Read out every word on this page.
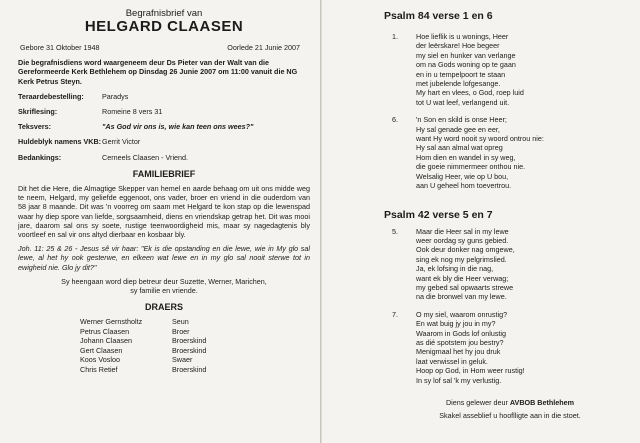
Begrafnisbrief van
HELGARD CLAASEN
Gebore 31 Oktober 1948	Oorlede 21 Junie 2007
Die begrafnisdiens word waargeneem deur Ds Pieter van der Walt van die Gereformeerde Kerk Bethlehem op Dinsdag 26 Junie 2007 om 11:00 vanuit die NG Kerk Petrus Steyn.
Teraardebestelling:	Paradys
Skriflesing:	Romeine 8 vers 31
Teksvers:	"As God vir ons is, wie kan teen ons wees?"
Huldeblyk namens VKB: Gerrit Victor
Bedankings:	Cerneels Claasen - Vriend.
FAMILIEBRIEF
Dit het die Here, die Almagtige Skepper van hemel en aarde behaag om uit ons midde weg te neem, Helgard, my geliefde eggenoot, ons vader, broer en vriend in die ouderdom van 58 jaar 8 maande. Dit was 'n voorreg om saam met Helgard te kon stap op die lewenspad waar hy diep spore van liefde, sorgsaamheid, diens en vriendskap getrap het. Dit was mooi jare, daarom sal ons sy soete, rustige teenwoordigheid mis, maar sy nagedagtenis bly voortleef en sal vir ons altyd dierbaar en kosbaar bly.
Joh. 11: 25 & 26 - Jesus sê vir haar: "Ek is die opstanding en die lewe, wie in My glo sal lewe, al het hy ook gesterwe, en elkeen wat lewe en in my glo sal nooit sterwe tot in ewigheid nie. Glo jy dit?"
Sy heengaan word diep betreur deur Suzette, Werner, Marichen,
sy familie en vriende.
DRAERS
Werner Gernstholtz	Seun
Petrus Claasen	Broer
Johann Claasen	Broerskind
Gert Claasen	Broerskind
Koos Vosloo	Swaer
Chris Retief	Broerskind
Psalm 84 verse 1 en 6
1.	Hoe lieflik is u wonings, Heer
der leërskare! Hoe begeer
my siel en hunker van verlange
om na Gods woning op te gaan
en in u tempelpoort te staan
met jubelende lofgesange.
My hart en vlees, o God, roep luid
tot U wat leef, verlangend uit.
6.	'n Son en skild is onse Heer;
Hy sal genade gee en eer,
want Hy word nooit sy woord ontrou nie:
Hy sal aan almal wat opreg
Hom dien en wandel in sy weg,
die goeie nimmermeer onthou nie.
Welsalig Heer, wie op U bou,
aan U geheel hom toevertrou.
Psalm 42 verse 5 en 7
5.	Maar die Heer sal in my lewe
weer oordag sy guns gebied.
Ook deur donker nag omgewe,
sing ek nog my pelgrimslied.
Ja, ek lofsing in die nag,
want ek bly die Heer verwag;
my gebed sal opwaarts strewe
na die bronwel van my lewe.
7.	O my siel, waarom onrustig?
En wat buig jy jou in my?
Waarom in Gods lof onlustig
as dié spotstem jou bestry?
Menigmaal het hy jou druk
laat verwissel in geluk.
Hoop op God, in Hom weer rustig!
In sy lof sal 'k my verlustig.
Diens gelewer deur AVBOB Bethlehem
Skakel asseblief u hooflligte aan in die stoet.
